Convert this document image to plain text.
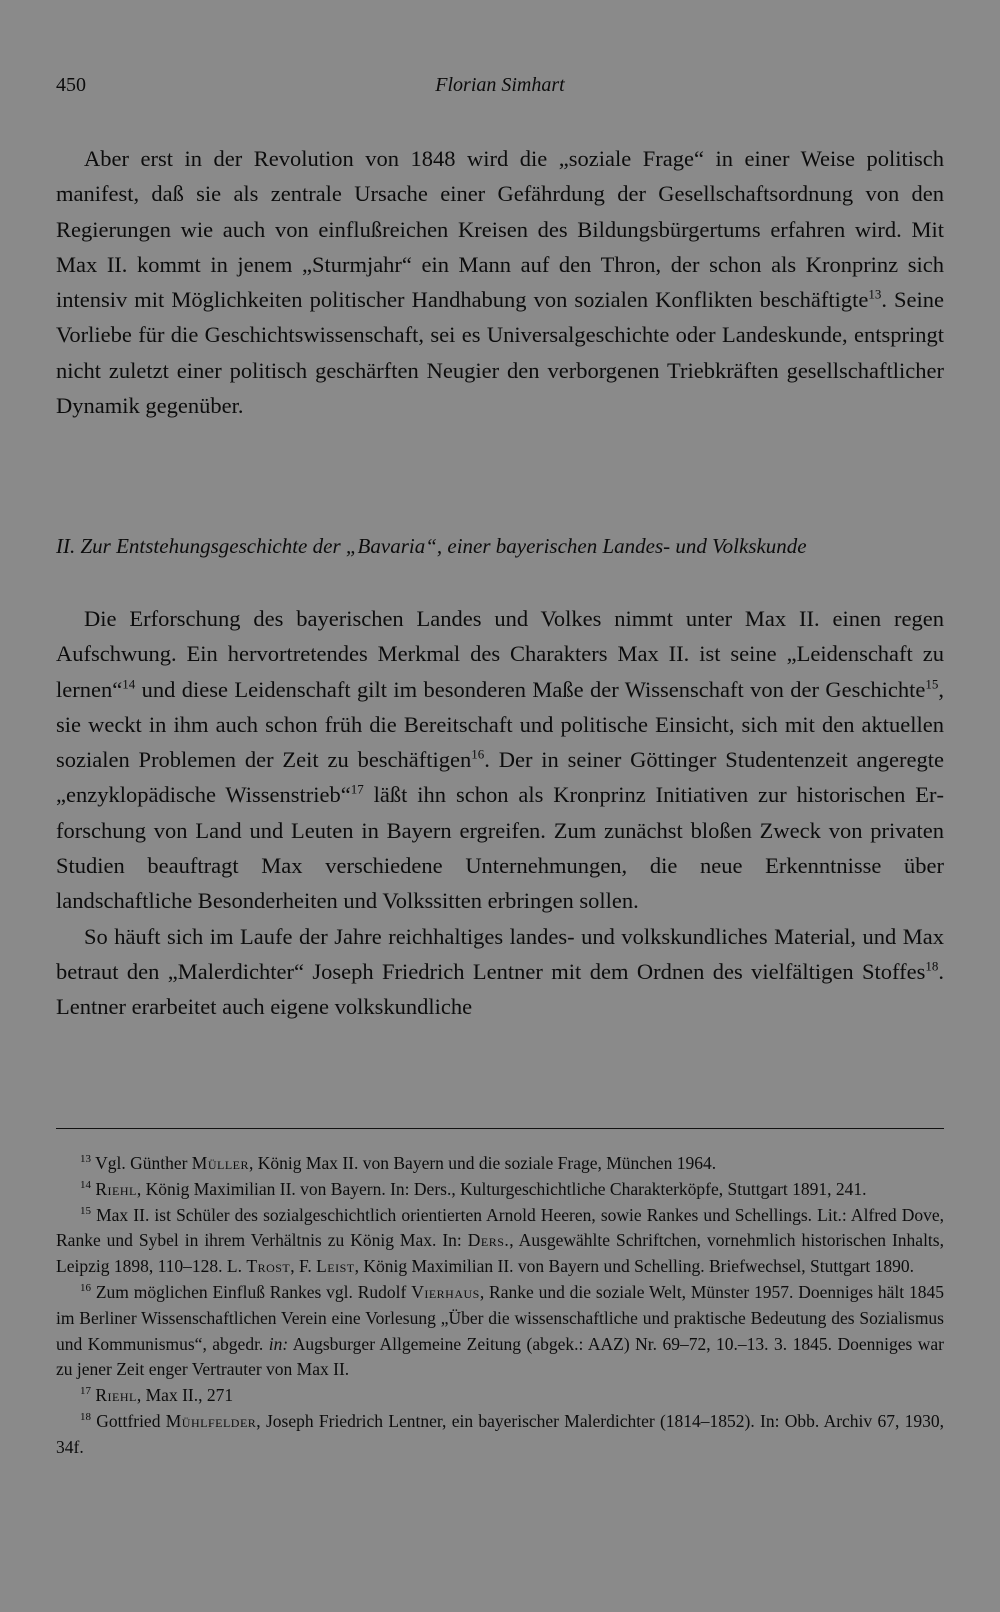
450	Florian Simhart

Aber erst in der Revolution von 1848 wird die „soziale Frage“ in einer Weise politisch manifest, daß sie als zentrale Ursache einer Gefährdung der Gesellschaftsordnung von den Regierungen wie auch von einflußreichen Kreisen des Bildungsbürgertums erfahren wird. Mit Max II. kommt in jenem „Sturmjahr“ ein Mann auf den Thron, der schon als Kronprinz sich intensiv mit Möglichkeiten politischer Handhabung von sozialen Konflikten beschäftigte$^{13}$. Seine Vorliebe für die Geschichtswissenschaft, sei es Universalgeschichte oder Landeskunde, entspringt nicht zuletzt einer politisch geschärften Neugier den verborgenen Triebkräften gesellschaftlicher Dynamik gegenüber.

II. Zur Entstehungsgeschichte der „Bavaria“, einer bayerischen Landes- und Volkskunde

Die Erforschung des bayerischen Landes und Volkes nimmt unter Max II. einen regen Aufschwung. Ein hervortretendes Merkmal des Charakters Max II. ist seine „Leidenschaft zu lernen“$^{14}$ und diese Leidenschaft gilt im besonderen Maße der Wissenschaft von der Geschichte$^{15}$, sie weckt in ihm auch schon früh die Bereitschaft und politische Einsicht, sich mit den aktuellen sozialen Problemen der Zeit zu beschäftigen$^{16}$. Der in seiner Göttinger Studentenzeit angeregte „enzyklopädische Wissenstrieb“$^{17}$ läßt ihn schon als Kronprinz Initiativen zur historischen Erforschung von Land und Leuten in Bayern ergreifen. Zum zunächst bloßen Zweck von privaten Studien beauftragt Max verschiedene Unternehmungen, die neue Erkenntnisse über landschaftliche Besonderheiten und Volkssitten erbringen sollen.

So häuft sich im Laufe der Jahre reichhaltiges landes- und volkskundliches Material, und Max betraut den „Malerdichter“ Joseph Friedrich Lentner mit dem Ordnen des vielfältigen Stoffes$^{18}$. Lentner erarbeitet auch eigene volkskundliche

$^{13}$ Vgl. Günther Müller, König Max II. von Bayern und die soziale Frage, München 1964.

$^{14}$ Riehl, König Maximilian II. von Bayern. In: Ders., Kulturgeschichtliche Charakterköpfe, Stuttgart 1891, 241.

$^{15}$ Max II. ist Schüler des sozialgeschichtlich orientierten Arnold Heeren, sowie Rankes und Schellings. Lit.: Alfred Dove, Ranke und Sybel in ihrem Verhältnis zu König Max. In: Ders., Ausgewählte Schriftchen, vornehmlich historischen Inhalts, Leipzig 1898, 110–128. L. Trost, F. Leist, König Maximilian II. von Bayern und Schelling. Briefwechsel, Stuttgart 1890.

$^{16}$ Zum möglichen Einfluß Rankes vgl. Rudolf Vierhaus, Ranke und die soziale Welt, Münster 1957. Doenniges hält 1845 im Berliner Wissenschaftlichen Verein eine Vorlesung „Über die wissenschaftliche und praktische Bedeutung des Sozialismus und Kommunismus“, abgedr. in: Augsburger Allgemeine Zeitung (abgek.: AAZ) Nr. 69–72, 10.–13. 3. 1845. Doenniges war zu jener Zeit enger Vertrauter von Max II.

$^{17}$ Riehl, Max II., 271

$^{18}$ Gottfried Mühlfelder, Joseph Friedrich Lentner, ein bayerischer Malerdichter (1814–1852). In: Obb. Archiv 67, 1930, 34f.
